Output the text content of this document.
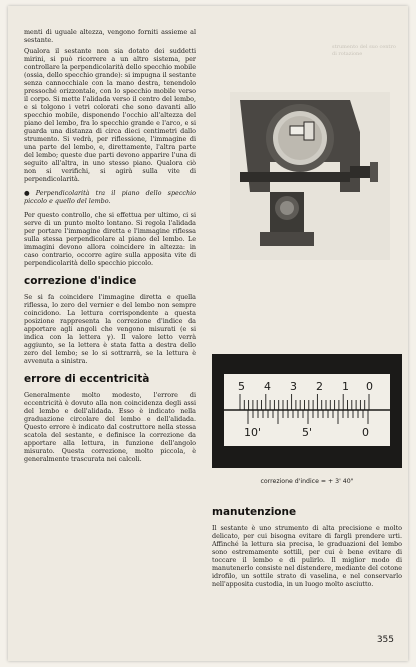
menti di uguale altezza, vengono forniti assieme al sestante.

Qualora il sestante non sia dotato dei suddetti mirini, si può ricorrere a un altro sistema, per controllare la perpendicolarità dello specchio mobile (ossia, dello specchio grande): si impugna il sestante senza cannocchiale con la mano destra, tenendolo pressoché orizzontale, con lo specchio mobile verso il corpo. Si mette l'alidada verso il centro del lembo, e si tolgono i vetri colorati che sono davanti allo specchio mobile, disponendo l'occhio all'altezza del piano del lembo, fra lo specchio grande e l'arco, e si guarda una distanza di circa dieci centimetri dallo strumento. Si vedrà, per riflessione, l'immagine di una parte del lembo, e, direttamente, l'altra parte del lembo; queste due parti devono apparire l'una di seguito all'altra, in uno stesso piano. Qualora ciò non si verifichi, si agirà sulla vite di perpendicolarità.

● Perpendicolarità tra il piano dello specchio piccolo e quello del lembo.

Per questo controllo, che si effettua per ultimo, ci si serve di un punto molto lontano. Si regola l'alidada per portare l'immagine diretta e l'immagine riflessa sulla stessa perpendicolare al piano del lembo. Le immagini devono allora coincidere in altezza: in caso contrario, occorre agire sulla apposita vite di perpendicolarità dello specchio piccolo.

correzione d'indice

Se si fa coincidere l'immagine diretta e quella riflessa, lo zero del vernier e del lembo non sempre coincidono. La lettura corrispondente a questa posizione rappresenta la correzione d'indice da apportare agli angoli che vengono misurati (e si indica con la lettera γ). Il valore letto verrà aggiunto, se la lettera è stata fatta a destra dello zero del lembo; se lo si sottrarrà, se la lettura è avvenuta a sinistra.

errore di eccentricità

Generalmente molto modesto, l'errore di eccentricità è dovuto alla non coincidenza degli assi del lembo e dell'alidada. Esso è indicato nella graduazione circolare del lembo e dell'alidada. Questo errore è indicato dal costruttore nella stessa scatola del sestante, e definisce la correzione da apportare alla lettura, in funzione dell'angolo misurato. Questa correzione, molto piccola, è generalmente trascurata nei calcoli.

strumento del suo centro di rotazione
5 4 3 2 1 0
10'	5'	0
correzione d'indice = + 3' 40"
manutenzione

Il sestante è uno strumento di alta precisione e molto delicato, per cui bisogna evitare di fargli prendere urti. Affinché la lettura sia precisa, le graduazioni del lembo sono estremamente sottili, per cui è bene evitare di toccare il lembo e di pulirlo. Il miglior modo di manutenerlo consiste nel distendere, mediante del cotone idrofilo, un sottile strato di vaselina, e nel conservarlo nell'apposita custodia, in un luogo molto asciutto.

355
